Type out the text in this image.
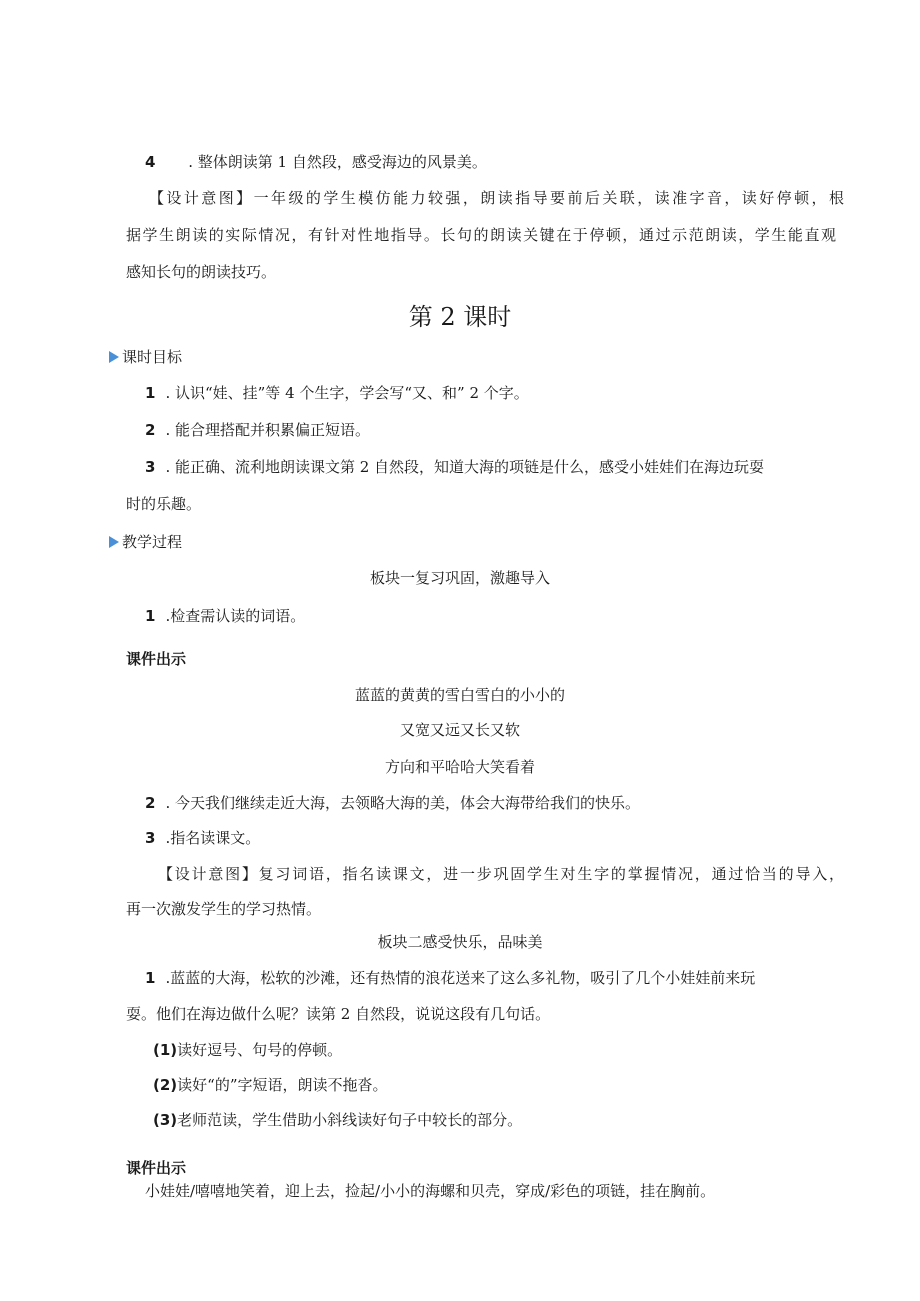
4 . 整体朗读第 1 自然段，感受海边的风景美。
【设计意图】一年级的学生模仿能力较强，朗读指导要前后关联，读准字音，读好停顿，根
据学生朗读的实际情况，有针对性地指导。长句的朗读关键在于停顿，通过示范朗读，学生能直观
感知长句的朗读技巧。
第 2 课时
课时目标
1 . 认识“娃、挂”等 4 个生字，学会写“又、和” 2 个字。
2 . 能合理搭配并积累偏正短语。
3 . 能正确、流利地朗读课文第 2 自然段，知道大海的项链是什么，感受小娃娃们在海边玩耍
时的乐趣。
教学过程
板块一复习巩固，激趣导入
1 .检查需认读的词语。
课件出示
蓝蓝的黄黄的雪白雪白的小小的
又宽又远又长又软
方向和平哈哈大笑看着
2 . 今天我们继续走近大海，去领略大海的美，体会大海带给我们的快乐。
3 .指名读课文。
【设计意图】复习词语，指名读课文，进一步巩固学生对生字的掌握情况，通过恰当的导入，
再一次激发学生的学习热情。
板块二感受快乐，品味美
1 .蓝蓝的大海，松软的沙滩，还有热情的浪花送来了这么多礼物，吸引了几个小娃娃前来玩
耍。他们在海边做什么呢？读第 2 自然段，说说这段有几句话。
(1)读好逗号、句号的停顿。
(2)读好“的”字短语，朗读不拖沓。
(3)老师范读，学生借助小斜线读好句子中较长的部分。
课件出示
小娃娃/嘻嘻地笑着，迎上去，捡起/小小的海螺和贝壳，穿成/彩色的项链，挂在胸前。
